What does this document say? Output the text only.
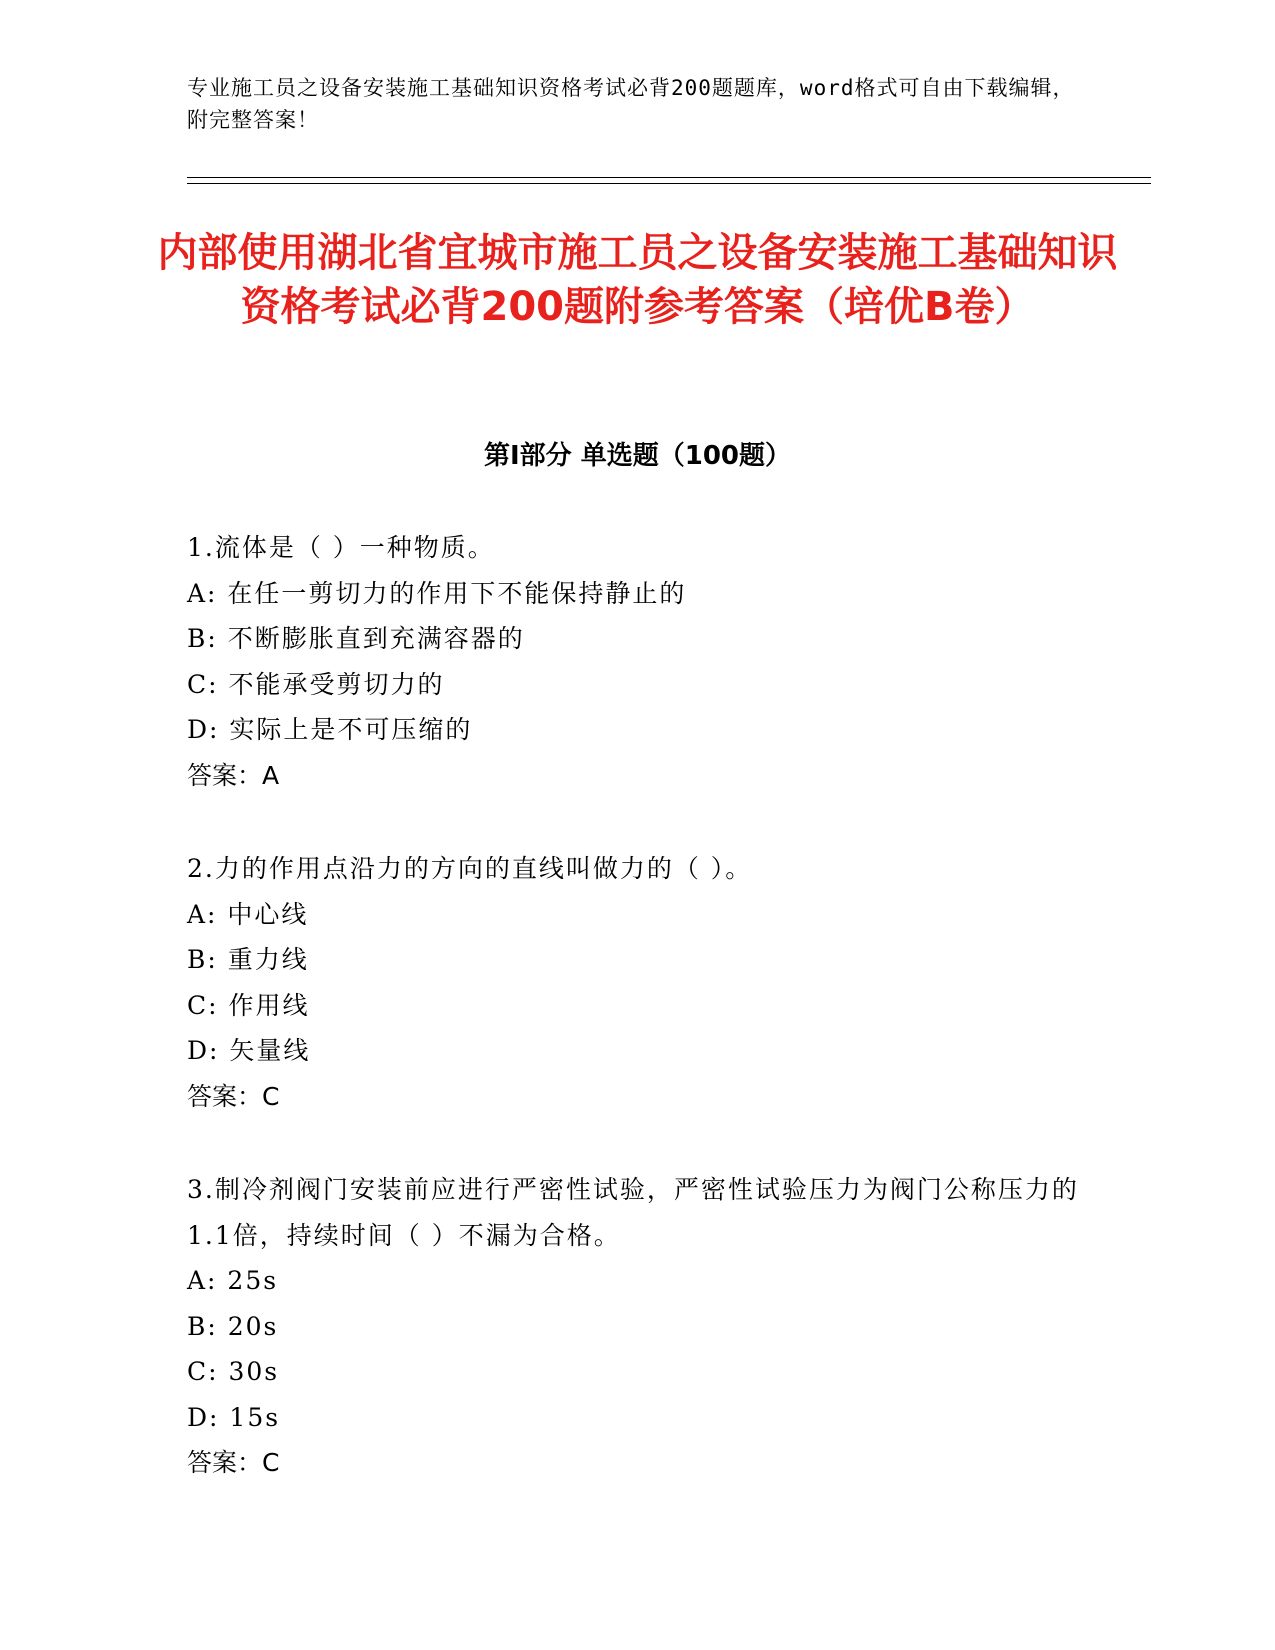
专业施工员之设备安装施工基础知识资格考试必背200题题库，word格式可自由下载编辑，附完整答案！

内部使用湖北省宜城市施工员之设备安装施工基础知识资格考试必背200题附参考答案（培优B卷）
第I部分 单选题（100题）

1.流体是（ ）一种物质。

A: 在任一剪切力的作用下不能保持静止的

B: 不断膨胀直到充满容器的

C: 不能承受剪切力的

D: 实际上是不可压缩的

答案：A

2.力的作用点沿力的方向的直线叫做力的（ ）。

A: 中心线

B: 重力线

C: 作用线

D: 矢量线

答案：C

3.制冷剂阀门安装前应进行严密性试验，严密性试验压力为阀门公称压力的1.1倍，持续时间（ ）不漏为合格。

A: 25s

B: 20s

C: 30s

D: 15s

答案：C
